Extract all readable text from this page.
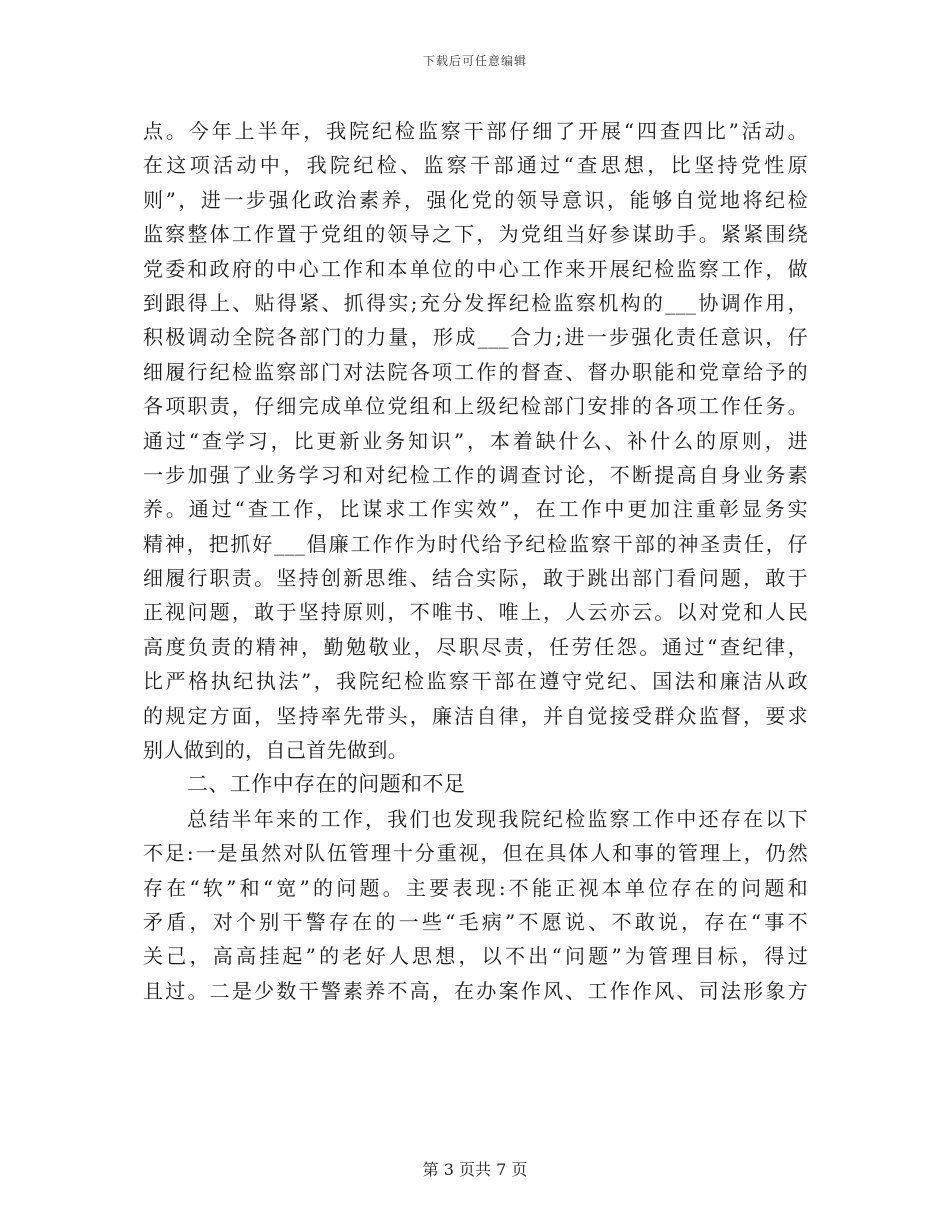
下载后可任意编辑
点。今年上半年，我院纪检监察干部仔细了开展“四查四比”活动。
在这项活动中，我院纪检、监察干部通过“查思想，比坚持党性原
则”，进一步强化政治素养，强化党的领导意识，能够自觉地将纪检
监察整体工作置于党组的领导之下，为党组当好参谋助手。紧紧围绕
党委和政府的中心工作和本单位的中心工作来开展纪检监察工作，做
到跟得上、贴得紧、抓得实;充分发挥纪检监察机构的___协调作用，
积极调动全院各部门的力量，形成___合力;进一步强化责任意识，仔
细履行纪检监察部门对法院各项工作的督查、督办职能和党章给予的
各项职责，仔细完成单位党组和上级纪检部门安排的各项工作任务。
通过“查学习，比更新业务知识”，本着缺什么、补什么的原则，进
一步加强了业务学习和对纪检工作的调查讨论，不断提高自身业务素
养。通过“查工作，比谋求工作实效”，在工作中更加注重彰显务实
精神，把抓好___倡廉工作作为时代给予纪检监察干部的神圣责任，仔
细履行职责。坚持创新思维、结合实际，敢于跳出部门看问题，敢于
正视问题，敢于坚持原则，不唯书、唯上，人云亦云。以对党和人民
高度负责的精神，勤勉敬业，尽职尽责，任劳任怨。通过“查纪律，
比严格执纪执法”，我院纪检监察干部在遵守党纪、国法和廉洁从政
的规定方面，坚持率先带头，廉洁自律，并自觉接受群众监督，要求
别人做到的，自己首先做到。
二、工作中存在的问题和不足
总结半年来的工作，我们也发现我院纪检监察工作中还存在以下
不足:一是虽然对队伍管理十分重视，但在具体人和事的管理上，仍然
存在“软”和“宽”的问题。主要表现:不能正视本单位存在的问题和
矛盾，对个别干警存在的一些“毛病”不愿说、不敢说，存在“事不
关己，高高挂起”的老好人思想，以不出“问题”为管理目标，得过
且过。二是少数干警素养不高，在办案作风、工作作风、司法形象方
第 3 页共 7 页
